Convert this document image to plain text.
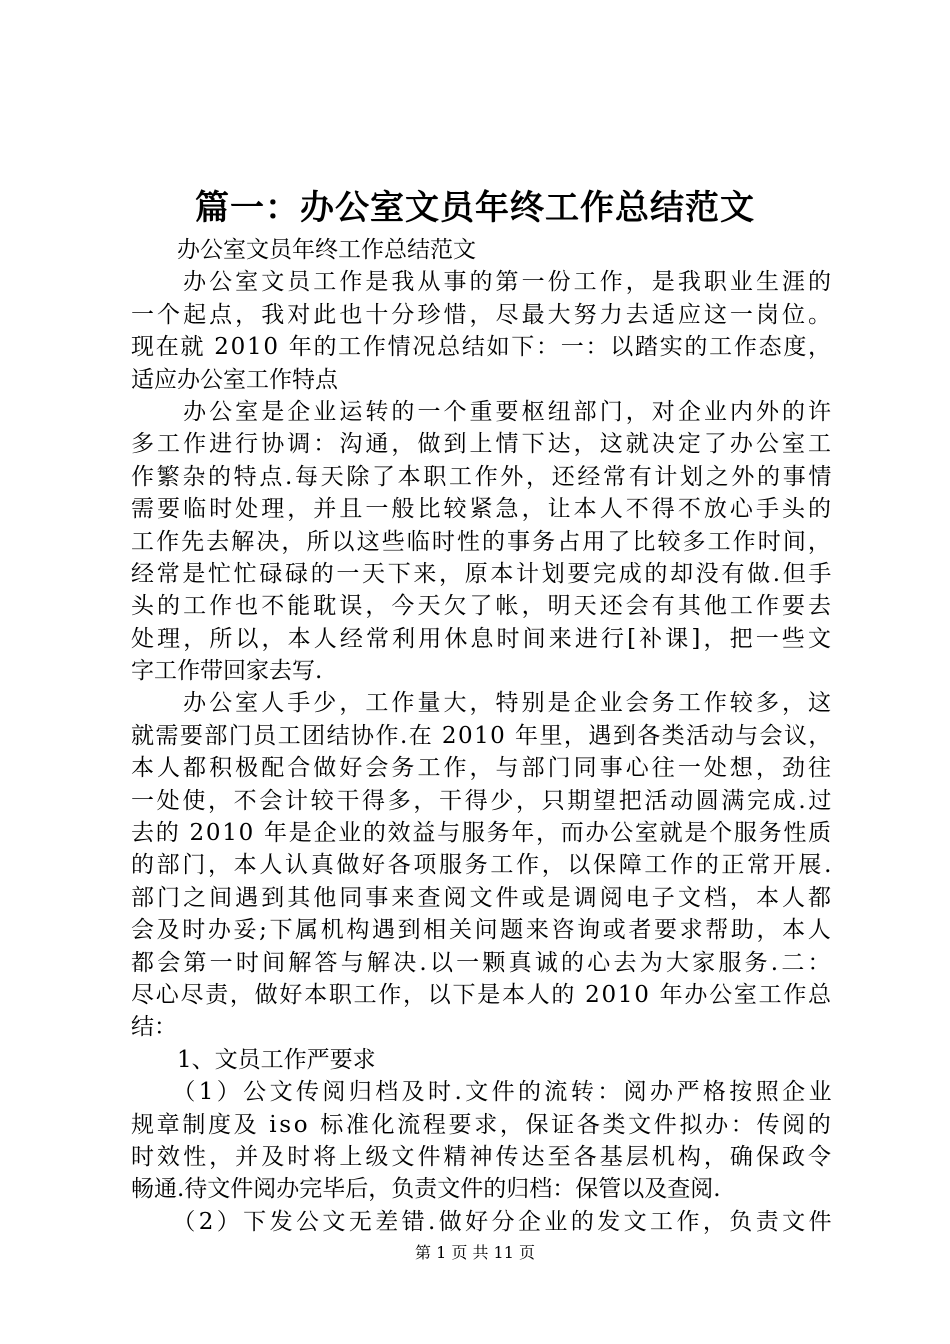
篇一：办公室文员年终工作总结范文
　　办公室文员年终工作总结范文
　　办公室文员工作是我从事的第一份工作，是我职业生涯的
一个起点，我对此也十分珍惜，尽最大努力去适应这一岗位。
现在就 2010 年的工作情况总结如下：一：以踏实的工作态度，
适应办公室工作特点
　　办公室是企业运转的一个重要枢纽部门，对企业内外的许
多工作进行协调：沟通，做到上情下达，这就决定了办公室工
作繁杂的特点.每天除了本职工作外，还经常有计划之外的事情
需要临时处理，并且一般比较紧急，让本人不得不放心手头的
工作先去解决，所以这些临时性的事务占用了比较多工作时间，
经常是忙忙碌碌的一天下来，原本计划要完成的却没有做.但手
头的工作也不能耽误，今天欠了帐，明天还会有其他工作要去
处理，所以，本人经常利用休息时间来进行[补课]，把一些文
字工作带回家去写.
　　办公室人手少，工作量大，特别是企业会务工作较多，这
就需要部门员工团结协作.在 2010 年里，遇到各类活动与会议，
本人都积极配合做好会务工作，与部门同事心往一处想，劲往
一处使，不会计较干得多，干得少，只期望把活动圆满完成.过
去的 2010 年是企业的效益与服务年，而办公室就是个服务性质
的部门，本人认真做好各项服务工作，以保障工作的正常开展.
部门之间遇到其他同事来查阅文件或是调阅电子文档，本人都
会及时办妥;下属机构遇到相关问题来咨询或者要求帮助，本人
都会第一时间解答与解决.以一颗真诚的心去为大家服务.二：
尽心尽责，做好本职工作，以下是本人的 2010 年办公室工作总
结：
　　1、文员工作严要求
　　（1）公文传阅归档及时.文件的流转：阅办严格按照企业
规章制度及 iso 标准化流程要求，保证各类文件拟办：传阅的
时效性，并及时将上级文件精神传达至各基层机构，确保政令
畅通.待文件阅办完毕后，负责文件的归档：保管以及查阅.
　　（2）下发公文无差错.做好分企业的发文工作，负责文件
第 1 页 共 11 页
